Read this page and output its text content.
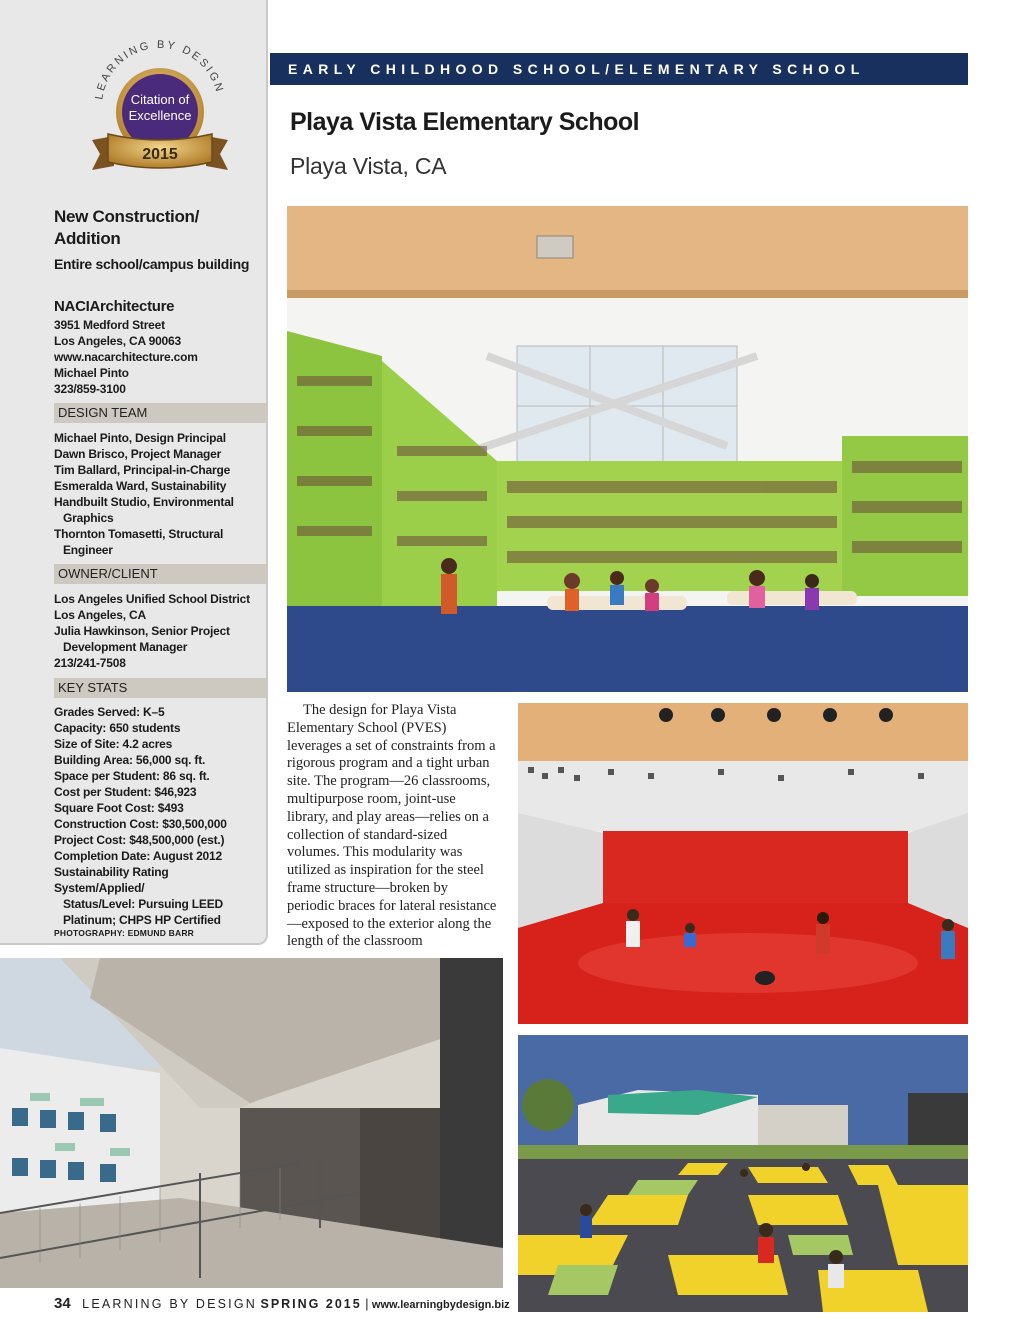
LEARNING BY DESIGN
Citation of
Excellence
2015
New Construction/
Addition
Entire school/campus building
NACIArchitecture
3951 Medford Street
Los Angeles, CA 90063
www.nacarchitecture.com
Michael Pinto
323/859-3100
DESIGN TEAM
Michael Pinto, Design Principal
Dawn Brisco, Project Manager
Tim Ballard, Principal-in-Charge
Esmeralda Ward, Sustainability
Handbuilt Studio, Environmental
Graphics
Thornton Tomasetti, Structural
Engineer
OWNER/CLIENT
Los Angeles Unified School District
Los Angeles, CA
Julia Hawkinson, Senior Project
Development Manager
213/241-7508
KEY STATS
Grades Served: K–5
Capacity: 650 students
Size of Site: 4.2 acres
Building Area: 56,000 sq. ft.
Space per Student: 86 sq. ft.
Cost per Student: $46,923
Square Foot Cost: $493
Construction Cost: $30,500,000
Project Cost: $48,500,000 (est.)
Completion Date: August 2012
Sustainability Rating System/Applied/
Status/Level: Pursuing LEED
Platinum; CHPS HP Certified
PHOTOGRAPHY: EDMUND BARR
EARLY CHILDHOOD SCHOOL/ELEMENTARY SCHOOL
Playa Vista Elementary School
Playa Vista, CA
The design for Playa Vista Elementary School (PVES) leverages a set of constraints from a rigorous program and a tight urban site. The program—26 classrooms, multipurpose room, joint-use library, and play areas—relies on a collection of standard-sized volumes. This modularity was utilized as inspiration for the steel frame structure—broken by periodic braces for lateral resistance—exposed to the exterior along the length of the classroom
34 LEARNING BY DESIGN SPRING 2015 | www.learningbydesign.biz
